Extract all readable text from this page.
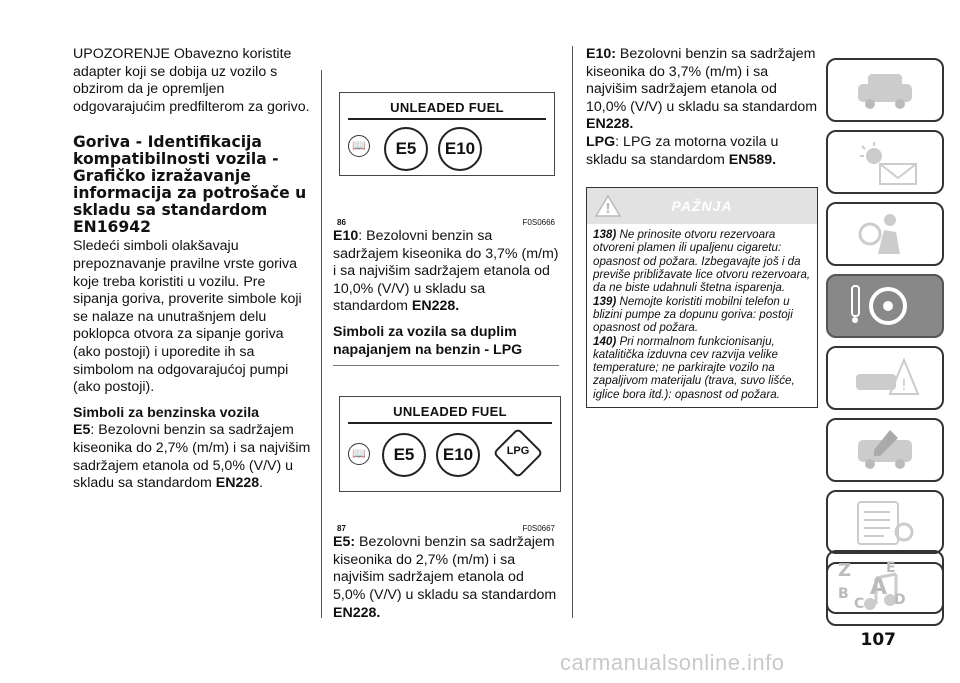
UPOZORENJE Obavezno koristite adapter koji se dobija uz vozilo s obzirom da je opremljen odgovarajućim predfilterom za gorivo.

Goriva - Identifikacija kompatibilnosti vozila - Grafičko izražavanje informacija za potrošače u skladu sa standardom EN16942

Sledeći simboli olakšavaju prepoznavanje pravilne vrste goriva koje treba koristiti u vozilu. Pre sipanja goriva, proverite simbole koji se nalaze na unutrašnjem delu poklopca otvora za sipanje goriva (ako postoji) i uporedite ih sa simbolom na odgovarajućoj pumpi (ako postoji).

Simboli za benzinska vozila

E5: Bezolovni benzin sa sadržajem kiseonika do 2,7% (m/m) i sa najvišim sadržajem etanola od 5,0% (V/V) u skladu sa standardom EN228.

UNLEADED FUEL
📖	E5	E10
86	F0S0666

E10: Bezolovni benzin sa sadržajem kiseonika do 3,7% (m/m) i sa najvišim sadržajem etanola od 10,0% (V/V) u skladu sa standardom EN228.

Simboli za vozila sa duplim napajanjem na benzin - LPG
UNLEADED FUEL
📖	E5	E10	LPG
87	F0S0667

E5: Bezolovni benzin sa sadržajem kiseonika do 2,7% (m/m) i sa najvišim sadržajem etanola od 5,0% (V/V) u skladu sa standardom EN228.

E10: Bezolovni benzin sa sadržajem kiseonika do 3,7% (m/m) i sa najvišim sadržajem etanola od 10,0% (V/V) u skladu sa standardom EN228.

LPG: LPG za motorna vozila u skladu sa standardom EN589.

!	PAŽNJA

138) Ne prinosite otvoru rezervoara otvoreni plamen ili upaljenu cigaretu: opasnost od požara. Izbegavajte još i da previše približavate lice otvoru rezervoara, da ne biste udahnuli štetna isparenja.

139) Nemojte koristiti mobilni telefon u blizini pumpe za dopunu goriva: postoji opasnost od požara.

140) Pri normalnom funkcionisanju, katalitička izduvna cev razvija velike temperature; ne parkirajte vozilo na zapaljivom materijalu (trava, suvo lišće, iglice bora itd.): opasnost od požara.

!
Z E
B A
C D
107
carmanualsonline.info
